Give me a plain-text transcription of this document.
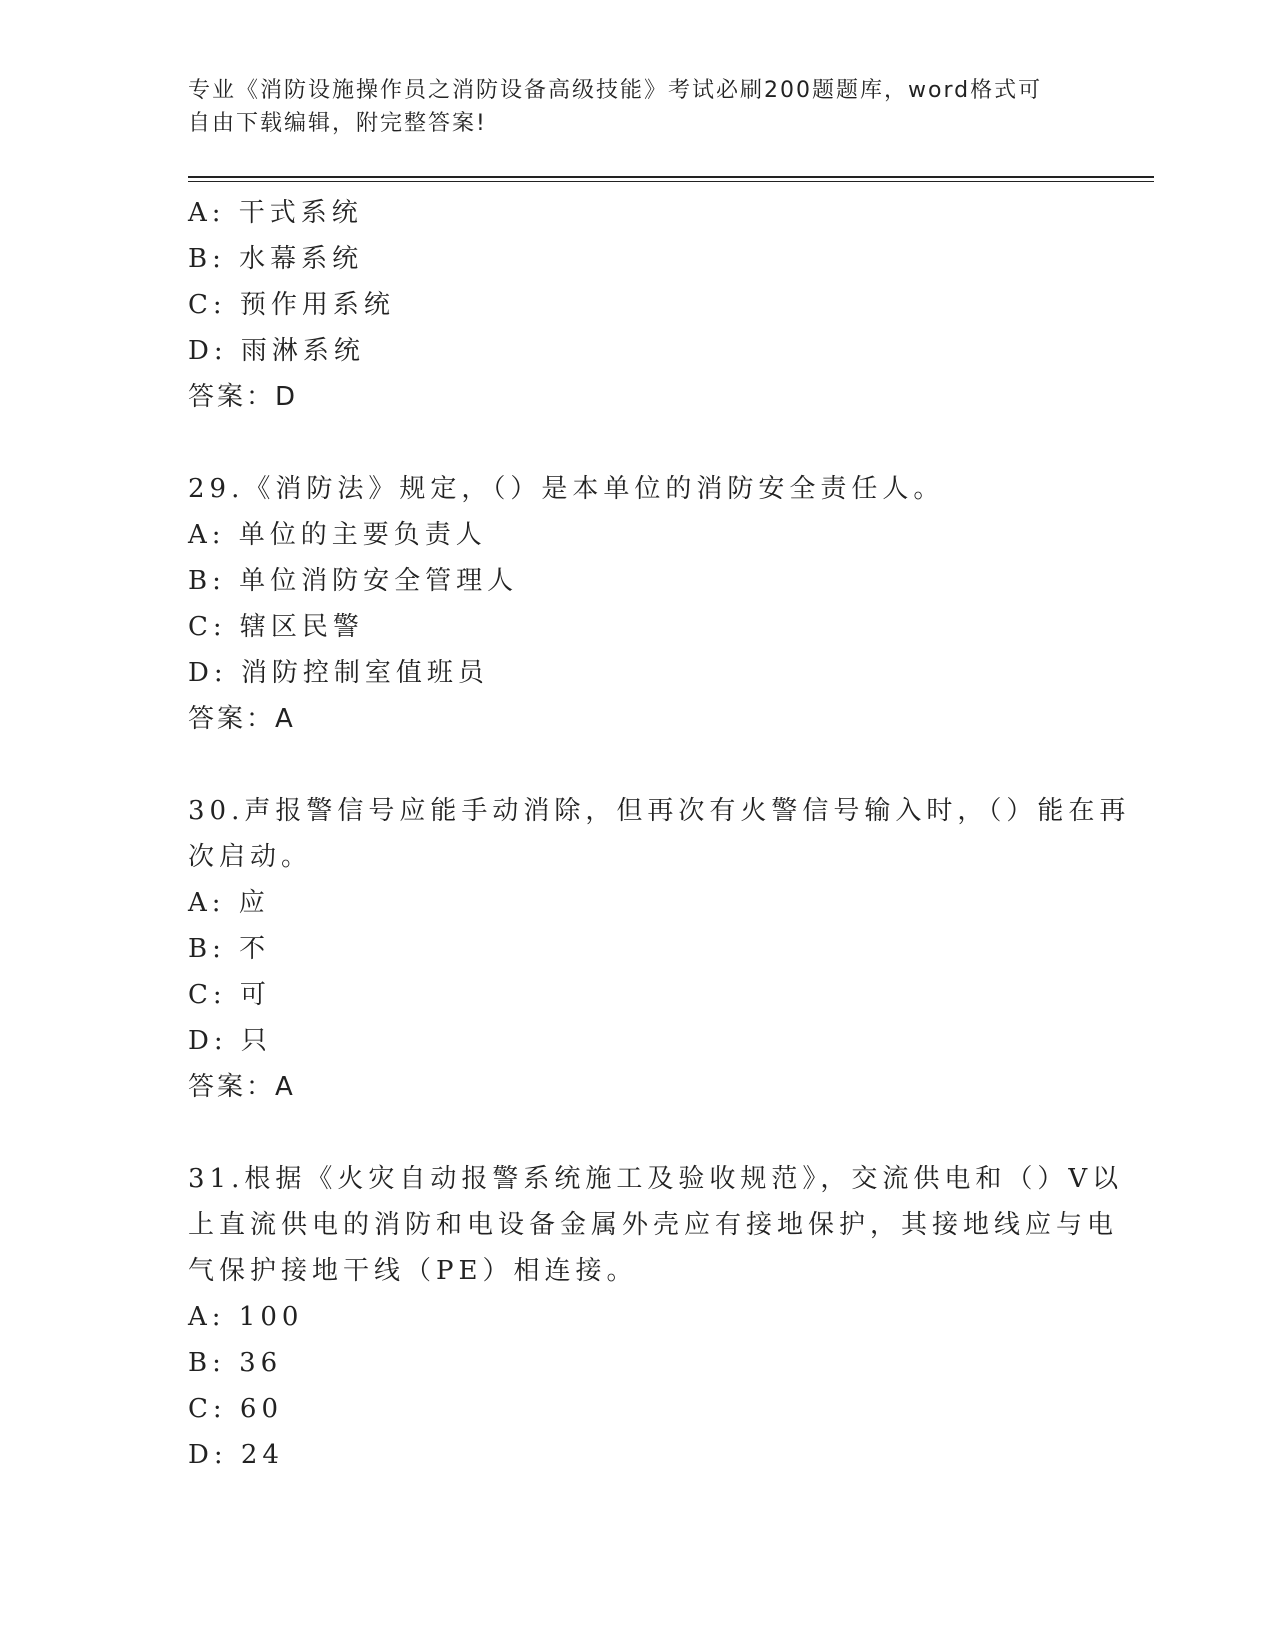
专业《消防设施操作员之消防设备高级技能》考试必刷200题题库，word格式可
自由下载编辑，附完整答案!
A: 干式系统
B: 水幕系统
C: 预作用系统
D: 雨淋系统
答案：D
29.《消防法》规定，（）是本单位的消防安全责任人。
A: 单位的主要负责人
B: 单位消防安全管理人
C: 辖区民警
D: 消防控制室值班员
答案：A
30.声报警信号应能手动消除，但再次有火警信号输入时，（）能在再
次启动。
A: 应
B: 不
C: 可
D: 只
答案：A
31.根据《火灾自动报警系统施工及验收规范》，交流供电和（）V以
上直流供电的消防和电设备金属外壳应有接地保护，其接地线应与电
气保护接地干线（PE）相连接。
A: 100
B: 36
C: 60
D: 24
